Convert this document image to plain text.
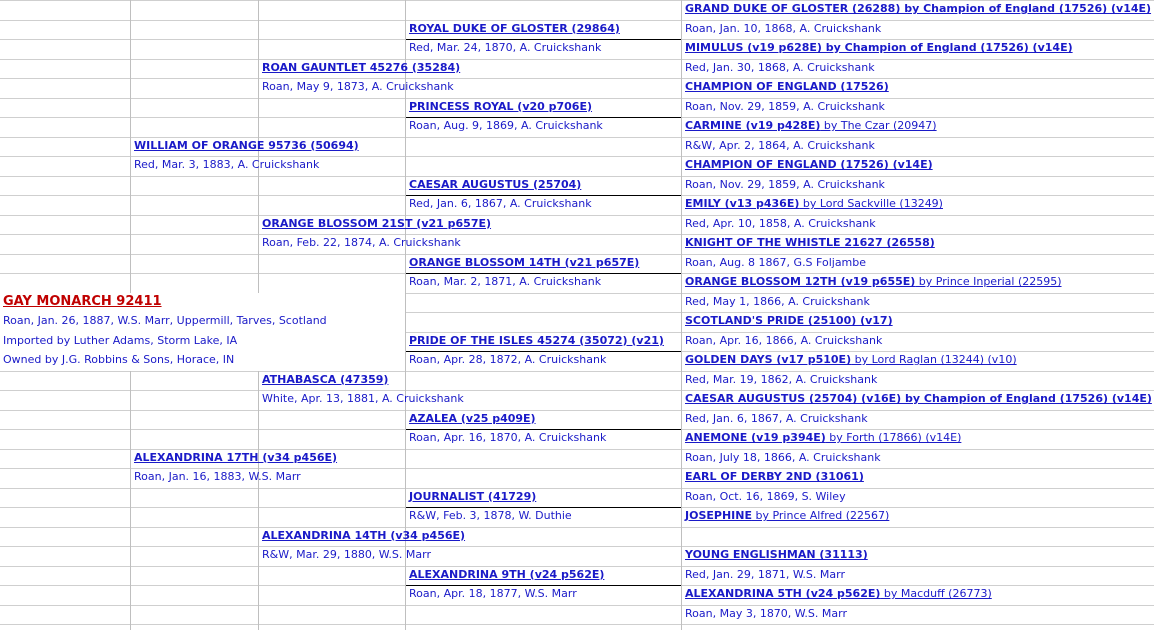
GRAND DUKE OF GLOSTER (26288) by Champion of England (17526) (v14E)
Roan, Jan. 10, 1868, A. Cruickshank
MIMULUS (v19 p628E) by Champion of England (17526) (v14E)
Red, Jan. 30, 1868, A. Cruickshank
CHAMPION OF ENGLAND (17526)
Roan, Nov. 29, 1859, A. Cruickshank
CARMINE (v19 p428E) by The Czar (20947)
R&W, Apr. 2, 1864, A. Cruickshank
CHAMPION OF ENGLAND (17526) (v14E)
Roan, Nov. 29, 1859, A. Cruickshank
EMILY (v13 p436E) by Lord Sackville (13249)
Red, Apr. 10, 1858, A. Cruickshank
KNIGHT OF THE WHISTLE 21627 (26558)
Roan, Aug. 8 1867, G.S Foljambe
ORANGE BLOSSOM 12TH (v19 p655E) by Prince Inperial (22595)
Red, May 1, 1866, A. Cruickshank
SCOTLAND'S PRIDE (25100) (v17)
Roan, Apr. 16, 1866, A. Cruickshank
GOLDEN DAYS (v17 p510E) by Lord Raglan (13244) (v10)
Red, Mar. 19, 1862, A. Cruickshank
CAESAR AUGUSTUS (25704) (v16E) by Champion of England (17526) (v14E)
Red, Jan. 6, 1867, A. Cruickshank
ANEMONE (v19 p394E) by Forth (17866) (v14E)
Roan, July 18, 1866, A. Cruickshank
EARL OF DERBY 2ND (31061)
Roan, Oct. 16, 1869, S. Wiley
JOSEPHINE by Prince Alfred (22567)
YOUNG ENGLISHMAN (31113)
Red, Jan. 29, 1871, W.S. Marr
ALEXANDRINA 5TH (v24 p562E) by Macduff (26773)
Roan, May 3, 1870, W.S. Marr
ROYAL DUKE OF GLOSTER (29864)
Red, Mar. 24, 1870, A. Cruickshank
PRINCESS ROYAL (v20 p706E)
Roan, Aug. 9, 1869, A. Cruickshank
CAESAR AUGUSTUS (25704)
Red, Jan. 6, 1867, A. Cruickshank
ORANGE BLOSSOM 14TH (v21 p657E)
Roan, Mar. 2, 1871, A. Cruickshank
PRIDE OF THE ISLES 45274 (35072) (v21)
Roan, Apr. 28, 1872, A. Cruickshank
AZALEA (v25 p409E)
Roan, Apr. 16, 1870, A. Cruickshank
JOURNALIST (41729)
R&W, Feb. 3, 1878, W. Duthie
ALEXANDRINA 9TH (v24 p562E)
Roan, Apr. 18, 1877, W.S. Marr
ROAN GAUNTLET 45276 (35284)
Roan, May 9, 1873, A. Cruickshank
ORANGE BLOSSOM 21ST (v21 p657E)
Roan, Feb. 22, 1874, A. Cruickshank
ATHABASCA (47359)
White, Apr. 13, 1881, A. Cruickshank
ALEXANDRINA 14TH (v34 p456E)
R&W, Mar. 29, 1880, W.S. Marr
WILLIAM OF ORANGE 95736 (50694)
Red, Mar. 3, 1883, A. Cruickshank
ALEXANDRINA 17TH (v34 p456E)
Roan, Jan. 16, 1883, W.S. Marr
GAY MONARCH 92411
Roan, Jan. 26, 1887, W.S. Marr, Uppermill, Tarves, Scotland
Imported by Luther Adams, Storm Lake, IA
Owned by J.G. Robbins & Sons, Horace, IN
